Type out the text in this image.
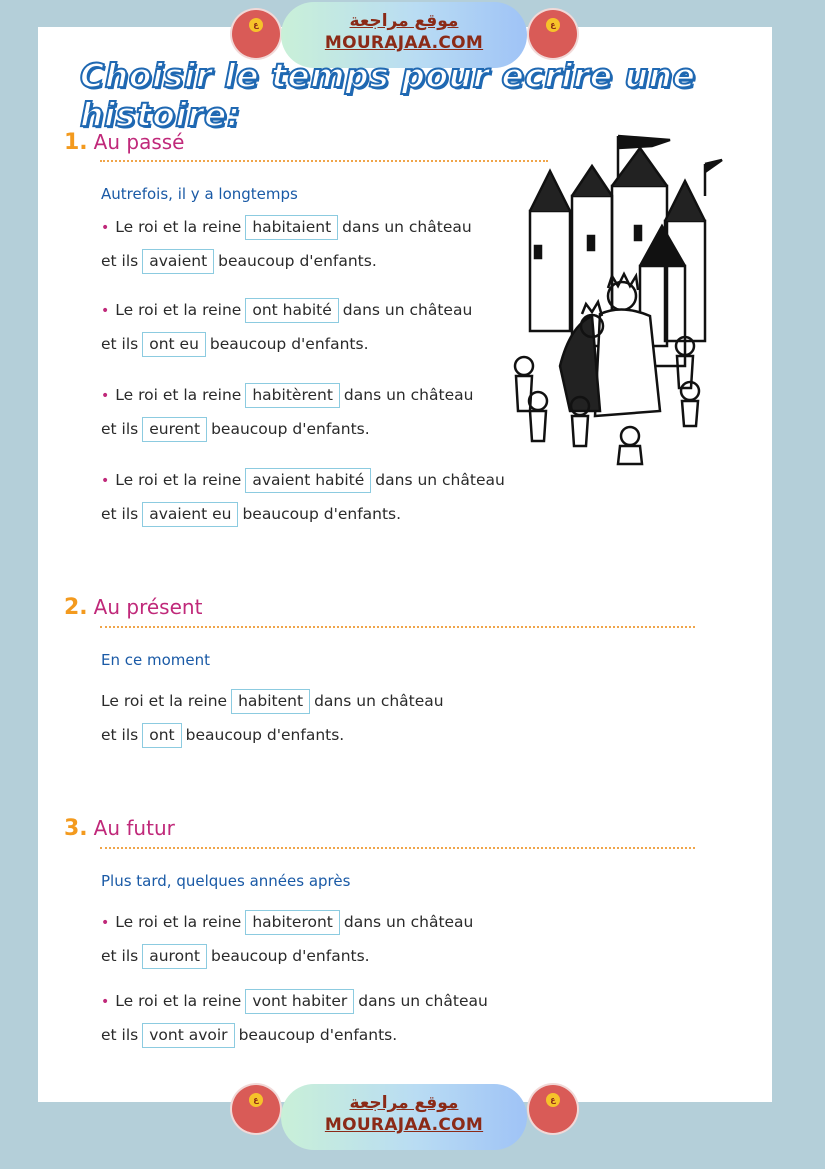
ع	موقع مراجعة
MOURAJAA.COM
ع
Choisir le temps pour ecrire une histoire:
1. Au passé
Autrefois, il y a longtemps
• Le roi et la reine habitaient dans un château
et ils avaient beaucoup d'enfants.
• Le roi et la reine ont habité dans un château
et ils ont eu beaucoup d'enfants.
• Le roi et la reine habitèrent dans un château
et ils eurent beaucoup d'enfants.
• Le roi et la reine avaient habité dans un château
et ils avaient eu beaucoup d'enfants.
2. Au présent
En ce moment
Le roi et la reine habitent dans un château
et ils ont beaucoup d'enfants.
3. Au futur
Plus tard, quelques années après
• Le roi et la reine habiteront dans un château
et ils auront beaucoup d'enfants.
• Le roi et la reine vont habiter dans un château
et ils vont avoir beaucoup d'enfants.
ع	موقع مراجعة
MOURAJAA.COM
ع
